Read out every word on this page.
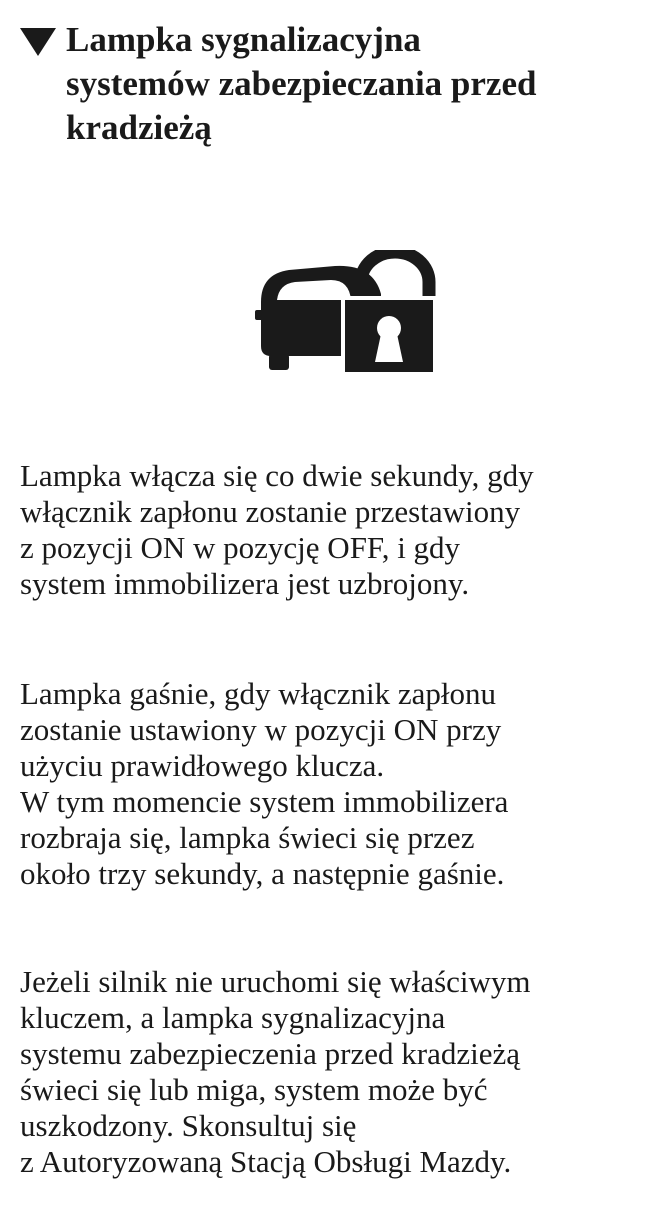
Lampka sygnalizacyjna
systemów zabezpieczania przed
kradzieżą
Lampka włącza się co dwie sekundy, gdy
włącznik zapłonu zostanie przestawiony
z pozycji ON w pozycję OFF, i gdy
system immobilizera jest uzbrojony.
Lampka gaśnie, gdy włącznik zapłonu
zostanie ustawiony w pozycji ON przy
użyciu prawidłowego klucza.
W tym momencie system immobilizera
rozbraja się, lampka świeci się przez
około trzy sekundy, a następnie gaśnie.
Jeżeli silnik nie uruchomi się właściwym
kluczem, a lampka sygnalizacyjna
systemu zabezpieczenia przed kradzieżą
świeci się lub miga, system może być
uszkodzony. Skonsultuj się
z Autoryzowaną Stacją Obsługi Mazdy.
